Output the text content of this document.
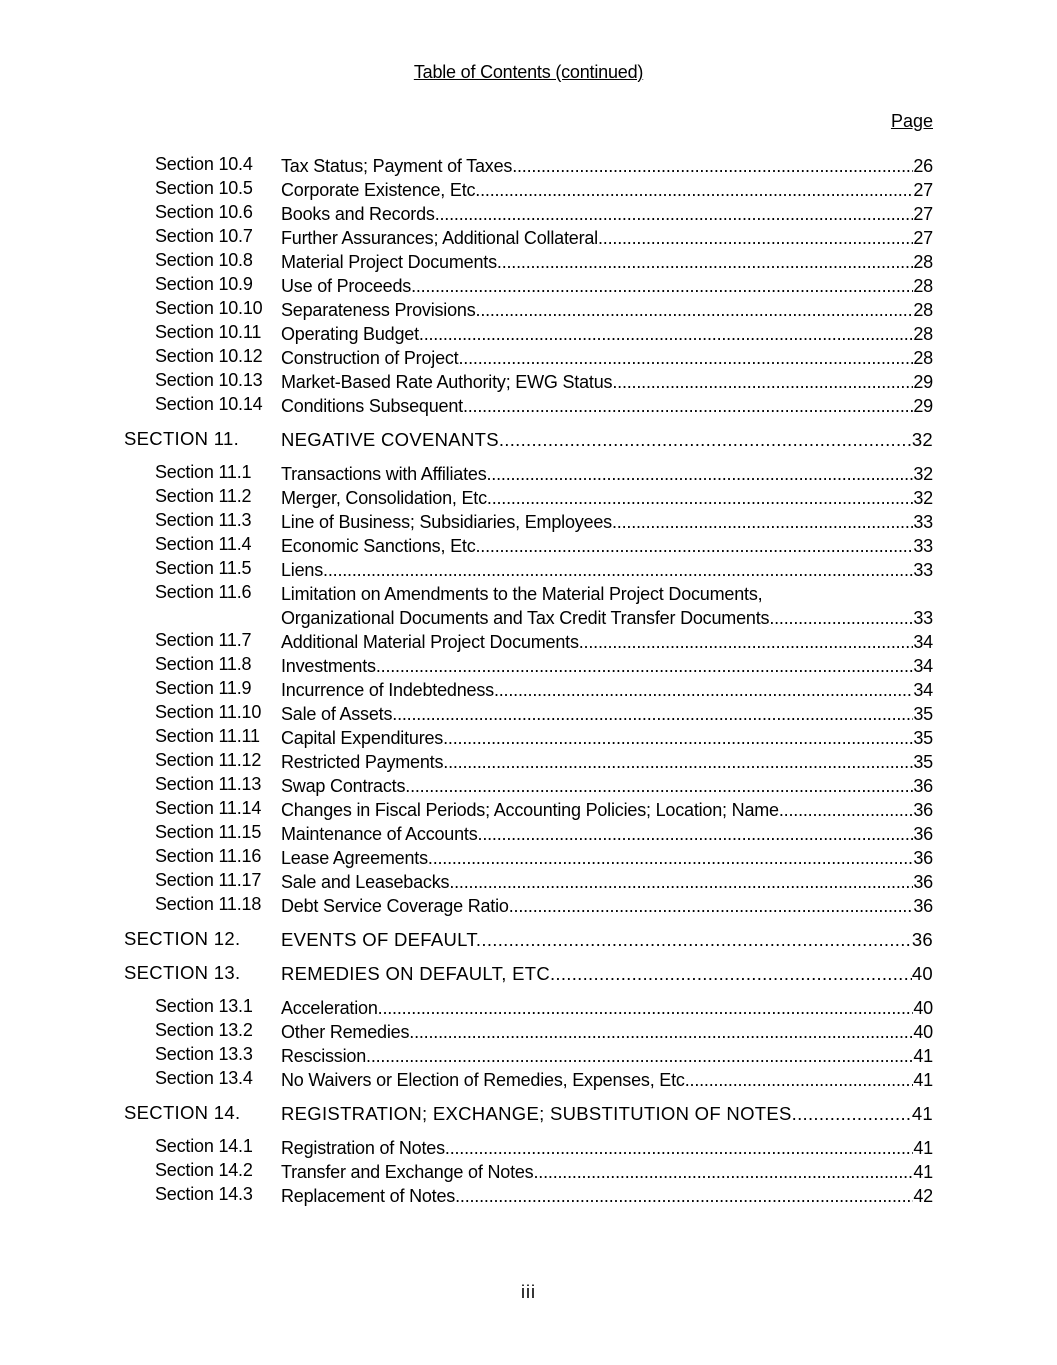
Table of Contents (continued)
Page
Section 10.4 Tax Status; Payment of Taxes .....	26
Section 10.5 Corporate Existence, Etc .....	27
Section 10.6 Books and Records .....	27
Section 10.7 Further Assurances; Additional Collateral .....	27
Section 10.8 Material Project Documents .....	28
Section 10.9 Use of Proceeds .....	28
Section 10.10 Separateness Provisions .....	28
Section 10.11 Operating Budget .....	28
Section 10.12 Construction of Project .....	28
Section 10.13 Market-Based Rate Authority; EWG Status .....	29
Section 10.14 Conditions Subsequent .....	29
SECTION 11. NEGATIVE COVENANTS. .....	32
Section 11.1 Transactions with Affiliates .....	32
Section 11.2 Merger, Consolidation, Etc .....	32
Section 11.3 Line of Business; Subsidiaries, Employees .....	33
Section 11.4 Economic Sanctions, Etc .....	33
Section 11.5 Liens .....	33
Section 11.6 Limitation on Amendments to the Material Project Documents,
Organizational Documents and Tax Credit Transfer Documents .....	33
Section 11.7 Additional Material Project Documents .....	34
Section 11.8 Investments .....	34
Section 11.9 Incurrence of Indebtedness .....	34
Section 11.10 Sale of Assets .....	35
Section 11.11 Capital Expenditures .....	35
Section 11.12 Restricted Payments .....	35
Section 11.13 Swap Contracts .....	36
Section 11.14 Changes in Fiscal Periods; Accounting Policies; Location; Name .....	36
Section 11.15 Maintenance of Accounts .....	36
Section 11.16 Lease Agreements .....	36
Section 11.17 Sale and Leasebacks .....	36
Section 11.18 Debt Service Coverage Ratio. .....	36
SECTION 12. EVENTS OF DEFAULT. .....	36
SECTION 13. REMEDIES ON DEFAULT, ETC. .....	40
Section 13.1 Acceleration .....	40
Section 13.2 Other Remedies .....	40
Section 13.3 Rescission .....	41
Section 13.4 No Waivers or Election of Remedies, Expenses, Etc. .....	41
SECTION 14. REGISTRATION; EXCHANGE; SUBSTITUTION OF NOTES. .....	41
Section 14.1 Registration of Notes .....	41
Section 14.2 Transfer and Exchange of Notes .....	41
Section 14.3 Replacement of Notes .....	42
iii
